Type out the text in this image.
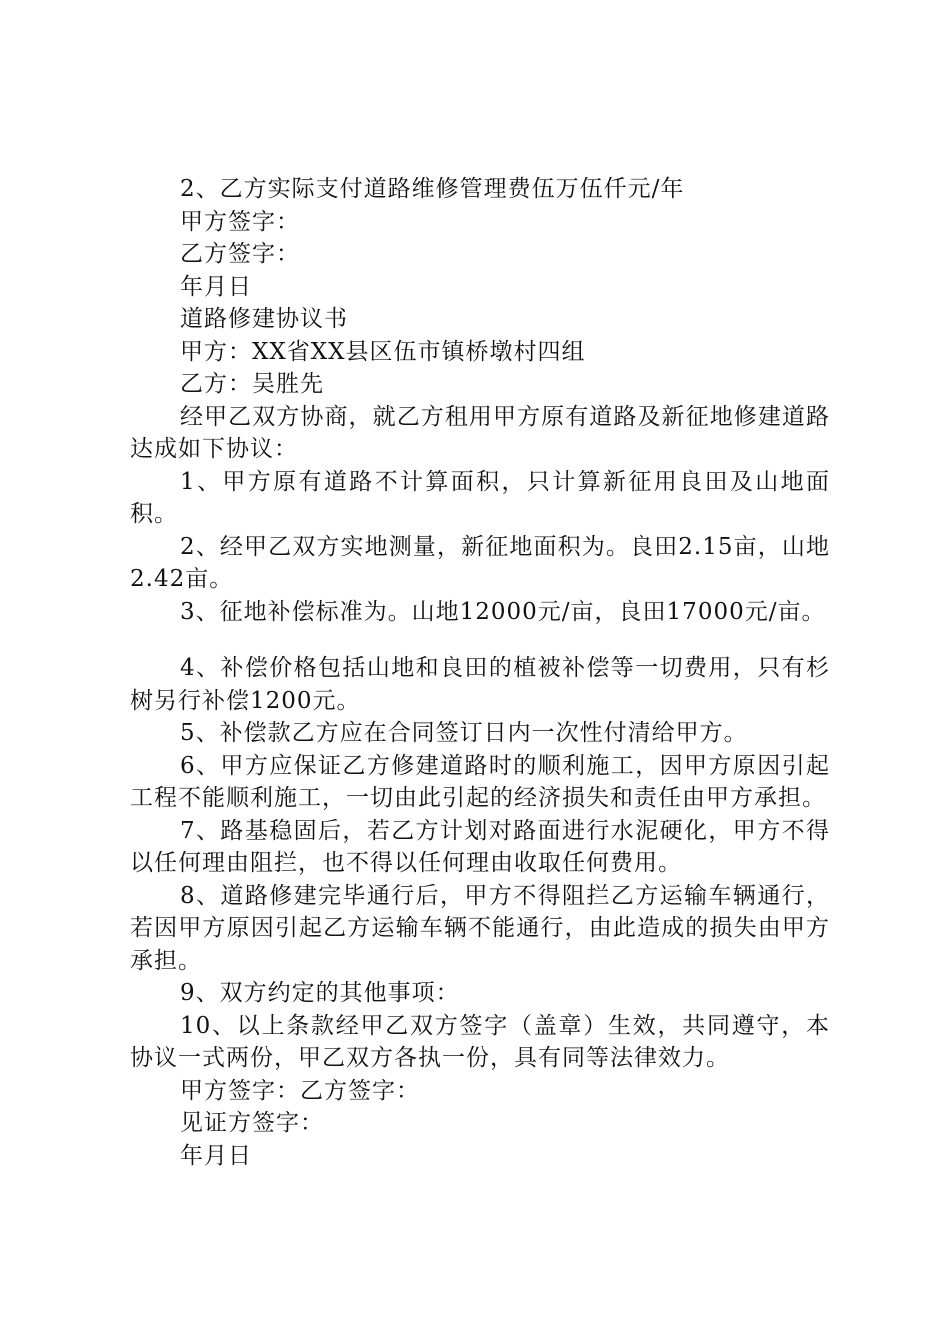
2、乙方实际支付道路维修管理费伍万伍仟元/年
甲方签字：
乙方签字：
年月日
道路修建协议书
甲方：XX省XX县区伍市镇桥墩村四组
乙方：吴胜先
经甲乙双方协商，就乙方租用甲方原有道路及新征地修建道路达成如下协议：
1、甲方原有道路不计算面积，只计算新征用良田及山地面积。
2、经甲乙双方实地测量，新征地面积为。良田2.15亩，山地2.42亩。
3、征地补偿标准为。山地12000元/亩，良田17000元/亩。
4、补偿价格包括山地和良田的植被补偿等一切费用，只有杉树另行补偿1200元。
5、补偿款乙方应在合同签订日内一次性付清给甲方。
6、甲方应保证乙方修建道路时的顺利施工，因甲方原因引起工程不能顺利施工，一切由此引起的经济损失和责任由甲方承担。
7、路基稳固后，若乙方计划对路面进行水泥硬化，甲方不得以任何理由阻拦，也不得以任何理由收取任何费用。
8、道路修建完毕通行后，甲方不得阻拦乙方运输车辆通行，若因甲方原因引起乙方运输车辆不能通行，由此造成的损失由甲方承担。
9、双方约定的其他事项：
10、以上条款经甲乙双方签字（盖章）生效，共同遵守，本协议一式两份，甲乙双方各执一份，具有同等法律效力。
甲方签字：乙方签字：
见证方签字：
年月日
